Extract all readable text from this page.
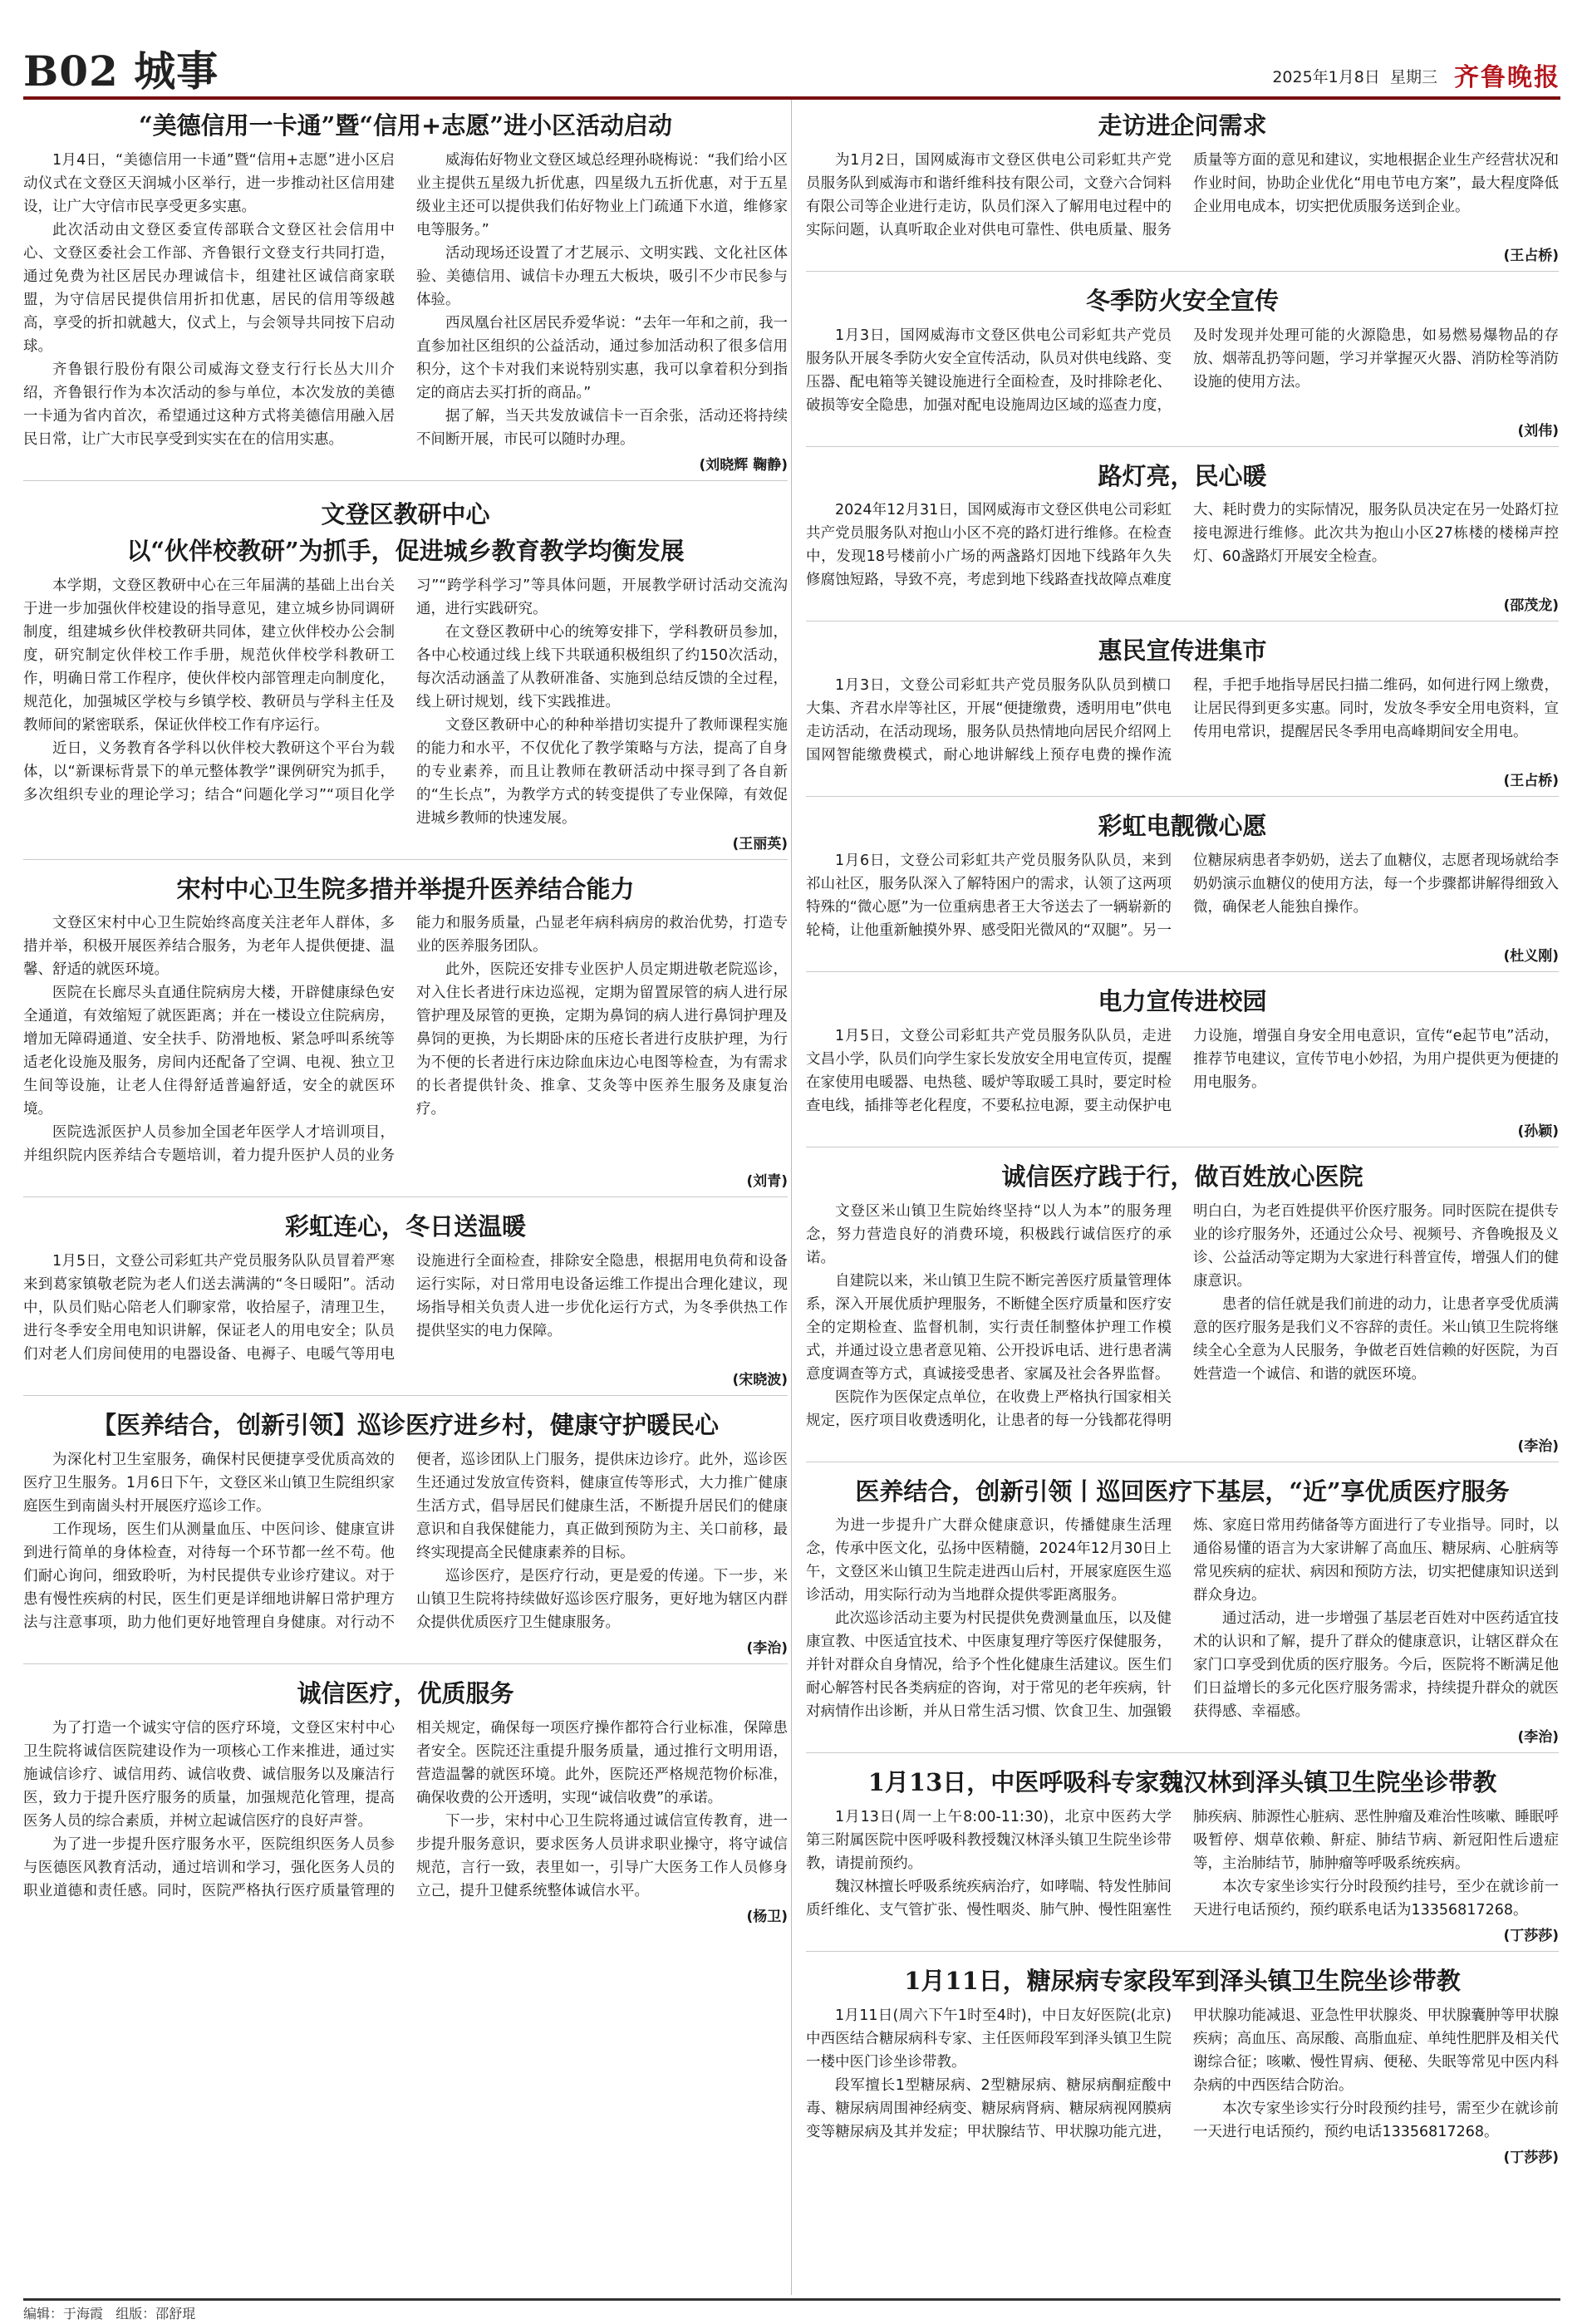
B02 城事	2025年1月8日 星期三 齐鲁晚报
“美德信用一卡通”暨“信用+志愿”进小区活动启动

1月4日，“美德信用一卡通”暨“信用+志愿”进小区启动仪式在文登区天润城小区举行，进一步推动社区信用建设，让广大守信市民享受更多实惠。

此次活动由文登区委宣传部联合文登区社会信用中心、文登区委社会工作部、齐鲁银行文登支行共同打造，通过免费为社区居民办理诚信卡，组建社区诚信商家联盟，为守信居民提供信用折扣优惠，居民的信用等级越高，享受的折扣就越大，仪式上，与会领导共同按下启动球。

齐鲁银行股份有限公司威海文登支行行长丛大川介绍，齐鲁银行作为本次活动的参与单位，本次发放的美德一卡通为省内首次，希望通过这种方式将美德信用融入居民日常，让广大市民享受到实实在在的信用实惠。

威海佑好物业文登区域总经理孙晓梅说：“我们给小区业主提供五星级九折优惠，四星级九五折优惠，对于五星级业主还可以提供我们佑好物业上门疏通下水道，维修家电等服务。”

活动现场还设置了才艺展示、文明实践、文化社区体验、美德信用、诚信卡办理五大板块，吸引不少市民参与体验。

西凤凰台社区居民乔爱华说：“去年一年和之前，我一直参加社区组织的公益活动，通过参加活动积了很多信用积分，这个卡对我们来说特别实惠，我可以拿着积分到指定的商店去买打折的商品。”

据了解，当天共发放诚信卡一百余张，活动还将持续不间断开展，市民可以随时办理。

(刘晓辉 鞠静)
文登区教研中心
以“伙伴校教研”为抓手，促进城乡教育教学均衡发展

本学期，文登区教研中心在三年届满的基础上出台关于进一步加强伙伴校建设的指导意见，建立城乡协同调研制度，组建城乡伙伴校教研共同体，建立伙伴校办公会制度，研究制定伙伴校工作手册，规范伙伴校学科教研工作，明确日常工作程序，使伙伴校内部管理走向制度化，规范化，加强城区学校与乡镇学校、教研员与学科主任及教师间的紧密联系，保证伙伴校工作有序运行。

近日，义务教育各学科以伙伴校大教研这个平台为载体，以“新课标背景下的单元整体教学”课例研究为抓手，多次组织专业的理论学习；结合“问题化学习”“项目化学习”“跨学科学习”等具体问题，开展教学研讨活动交流沟通，进行实践研究。

在文登区教研中心的统筹安排下，学科教研员参加，各中心校通过线上线下共联通积极组织了约150次活动，每次活动涵盖了从教研准备、实施到总结反馈的全过程，线上研讨规划，线下实践推进。

文登区教研中心的种种举措切实提升了教师课程实施的能力和水平，不仅优化了教学策略与方法，提高了自身的专业素养，而且让教师在教研活动中探寻到了各自新的“生长点”，为教学方式的转变提供了专业保障，有效促进城乡教师的快速发展。

(王丽英)
宋村中心卫生院多措并举提升医养结合能力

文登区宋村中心卫生院始终高度关注老年人群体，多措并举，积极开展医养结合服务，为老年人提供便捷、温馨、舒适的就医环境。

医院在长廊尽头直通住院病房大楼，开辟健康绿色安全通道，有效缩短了就医距离；并在一楼设立住院病房，增加无障碍通道、安全扶手、防滑地板、紧急呼叫系统等适老化设施及服务，房间内还配备了空调、电视、独立卫生间等设施，让老人住得舒适普遍舒适，安全的就医环境。

医院选派医护人员参加全国老年医学人才培训项目，并组织院内医养结合专题培训，着力提升医护人员的业务能力和服务质量，凸显老年病科病房的救治优势，打造专业的医养服务团队。

此外，医院还安排专业医护人员定期进敬老院巡诊，对入住长者进行床边巡视，定期为留置尿管的病人进行尿管护理及尿管的更换，定期为鼻饲的病人进行鼻饲护理及鼻饲的更换，为长期卧床的压疮长者进行皮肤护理，为行为不便的长者进行床边除血床边心电图等检查，为有需求的长者提供针灸、推拿、艾灸等中医养生服务及康复治疗。

(刘青)
彩虹连心，冬日送温暖

1月5日，文登公司彩虹共产党员服务队队员冒着严寒来到葛家镇敬老院为老人们送去满满的“冬日暖阳”。活动中，队员们贴心陪老人们聊家常，收拾屋子，清理卫生，进行冬季安全用电知识讲解，保证老人的用电安全；队员们对老人们房间使用的电器设备、电褥子、电暖气等用电设施进行全面检查，排除安全隐患，根据用电负荷和设备运行实际，对日常用电设备运维工作提出合理化建议，现场指导相关负责人进一步优化运行方式，为冬季供热工作提供坚实的电力保障。

(宋晓波)
【医养结合，创新引领】巡诊医疗进乡村，健康守护暖民心

为深化村卫生室服务，确保村民便捷享受优质高效的医疗卫生服务。1月6日下午，文登区米山镇卫生院组织家庭医生到南崮头村开展医疗巡诊工作。

工作现场，医生们从测量血压、中医问诊、健康宣讲到进行简单的身体检查，对待每一个环节都一丝不苟。他们耐心询问，细致聆听，为村民提供专业诊疗建议。对于患有慢性疾病的村民，医生们更是详细地讲解日常护理方法与注意事项，助力他们更好地管理自身健康。对行动不便者，巡诊团队上门服务，提供床边诊疗。此外，巡诊医生还通过发放宣传资料，健康宣传等形式，大力推广健康生活方式，倡导居民们健康生活，不断提升居民们的健康意识和自我保健能力，真正做到预防为主、关口前移，最终实现提高全民健康素养的目标。

巡诊医疗，是医疗行动，更是爱的传递。下一步，米山镇卫生院将持续做好巡诊医疗服务，更好地为辖区内群众提供优质医疗卫生健康服务。

(李治)
诚信医疗，优质服务

为了打造一个诚实守信的医疗环境，文登区宋村中心卫生院将诚信医院建设作为一项核心工作来推进，通过实施诚信诊疗、诚信用药、诚信收费、诚信服务以及廉洁行医，致力于提升医疗服务的质量，加强规范化管理，提高医务人员的综合素质，并树立起诚信医疗的良好声誉。

为了进一步提升医疗服务水平，医院组织医务人员参与医德医风教育活动，通过培训和学习，强化医务人员的职业道德和责任感。同时，医院严格执行医疗质量管理的相关规定，确保每一项医疗操作都符合行业标准，保障患者安全。医院还注重提升服务质量，通过推行文明用语，营造温馨的就医环境。此外，医院还严格规范物价标准，确保收费的公开透明，实现“诚信收费”的承诺。

下一步，宋村中心卫生院将通过诚信宣传教育，进一步提升服务意识，要求医务人员讲求职业操守，将守诚信规范，言行一致，表里如一，引导广大医务工作人员修身立己，提升卫健系统整体诚信水平。

(杨卫)
走访进企问需求

为1月2日，国网威海市文登区供电公司彩虹共产党员服务队到威海市和谐纤维科技有限公司，文登六合饲料有限公司等企业进行走访，队员们深入了解用电过程中的实际问题，认真听取企业对供电可靠性、供电质量、服务质量等方面的意见和建议，实地根据企业生产经营状况和作业时间，协助企业优化“用电节电方案”，最大程度降低企业用电成本，切实把优质服务送到企业。

(王占桥)
冬季防火安全宣传

1月3日，国网威海市文登区供电公司彩虹共产党员服务队开展冬季防火安全宣传活动，队员对供电线路、变压器、配电箱等关键设施进行全面检查，及时排除老化、破损等安全隐患，加强对配电设施周边区域的巡查力度，及时发现并处理可能的火源隐患，如易燃易爆物品的存放、烟蒂乱扔等问题，学习并掌握灭火器、消防栓等消防设施的使用方法。

(刘伟)
路灯亮，民心暖

2024年12月31日，国网威海市文登区供电公司彩虹共产党员服务队对抱山小区不亮的路灯进行维修。在检查中，发现18号楼前小广场的两盏路灯因地下线路年久失修腐蚀短路，导致不亮，考虑到地下线路查找故障点难度大、耗时费力的实际情况，服务队员决定在另一处路灯拉接电源进行维修。此次共为抱山小区27栋楼的楼梯声控灯、60盏路灯开展安全检查。

(邵茂龙)
惠民宣传进集市

1月3日，文登公司彩虹共产党员服务队队员到横口大集、齐君水岸等社区，开展“便捷缴费，透明用电”供电走访活动，在活动现场，服务队员热情地向居民介绍网上国网智能缴费模式，耐心地讲解线上预存电费的操作流程，手把手地指导居民扫描二维码，如何进行网上缴费，让居民得到更多实惠。同时，发放冬季安全用电资料，宣传用电常识，提醒居民冬季用电高峰期间安全用电。

(王占桥)
彩虹电靓微心愿

1月6日，文登公司彩虹共产党员服务队队员，来到祁山社区，服务队深入了解特困户的需求，认领了这两项特殊的“微心愿”为一位重病患者王大爷送去了一辆崭新的轮椅，让他重新触摸外界、感受阳光微风的“双腿”。另一位糖尿病患者李奶奶，送去了血糖仪，志愿者现场就给李奶奶演示血糖仪的使用方法，每一个步骤都讲解得细致入微，确保老人能独自操作。

(杜义刚)
电力宣传进校园

1月5日，文登公司彩虹共产党员服务队队员，走进文昌小学，队员们向学生家长发放安全用电宣传页，提醒在家使用电暖器、电热毯、暖炉等取暖工具时，要定时检查电线，插排等老化程度，不要私拉电源，要主动保护电力设施，增强自身安全用电意识，宣传“e起节电”活动，推荐节电建议，宣传节电小妙招，为用户提供更为便捷的用电服务。

(孙颖)
诚信医疗践于行，做百姓放心医院

文登区米山镇卫生院始终坚持“以人为本”的服务理念，努力营造良好的消费环境，积极践行诚信医疗的承诺。

自建院以来，米山镇卫生院不断完善医疗质量管理体系，深入开展优质护理服务，不断健全医疗质量和医疗安全的定期检查、监督机制，实行责任制整体护理工作模式，并通过设立患者意见箱、公开投诉电话、进行患者满意度调查等方式，真诚接受患者、家属及社会各界监督。

医院作为医保定点单位，在收费上严格执行国家相关规定，医疗项目收费透明化，让患者的每一分钱都花得明明白白，为老百姓提供平价医疗服务。同时医院在提供专业的诊疗服务外，还通过公众号、视频号、齐鲁晚报及义诊、公益活动等定期为大家进行科普宣传，增强人们的健康意识。

患者的信任就是我们前进的动力，让患者享受优质满意的医疗服务是我们义不容辞的责任。米山镇卫生院将继续全心全意为人民服务，争做老百姓信赖的好医院，为百姓营造一个诚信、和谐的就医环境。

(李治)
医养结合，创新引领丨巡回医疗下基层，“近”享优质医疗服务

为进一步提升广大群众健康意识，传播健康生活理念，传承中医文化，弘扬中医精髓，2024年12月30日上午，文登区米山镇卫生院走进西山后村，开展家庭医生巡诊活动，用实际行动为当地群众提供零距离服务。

此次巡诊活动主要为村民提供免费测量血压，以及健康宣教、中医适宜技术、中医康复理疗等医疗保健服务，并针对群众自身情况，给予个性化健康生活建议。医生们耐心解答村民各类病症的咨询，对于常见的老年疾病，针对病情作出诊断，并从日常生活习惯、饮食卫生、加强锻炼、家庭日常用药储备等方面进行了专业指导。同时，以通俗易懂的语言为大家讲解了高血压、糖尿病、心脏病等常见疾病的症状、病因和预防方法，切实把健康知识送到群众身边。

通过活动，进一步增强了基层老百姓对中医药适宜技术的认识和了解，提升了群众的健康意识，让辖区群众在家门口享受到优质的医疗服务。今后，医院将不断满足他们日益增长的多元化医疗服务需求，持续提升群众的就医获得感、幸福感。

(李治)
1月13日，中医呼吸科专家魏汉林到泽头镇卫生院坐诊带教

1月13日(周一上午8:00-11:30)，北京中医药大学第三附属医院中医呼吸科教授魏汉林泽头镇卫生院坐诊带教，请提前预约。

魏汉林擅长呼吸系统疾病治疗，如哮喘、特发性肺间质纤维化、支气管扩张、慢性咽炎、肺气肿、慢性阻塞性肺疾病、肺源性心脏病、恶性肿瘤及难治性咳嗽、睡眠呼吸暂停、烟草依赖、鼾症、肺结节病、新冠阳性后遗症等，主治肺结节，肺肿瘤等呼吸系统疾病。

本次专家坐诊实行分时段预约挂号，至少在就诊前一天进行电话预约，预约联系电话为13356817268。

(丁莎莎)
1月11日，糖尿病专家段军到泽头镇卫生院坐诊带教

1月11日(周六下午1时至4时)，中日友好医院(北京)中西医结合糖尿病科专家、主任医师段军到泽头镇卫生院一楼中医门诊坐诊带教。

段军擅长1型糖尿病、2型糖尿病、糖尿病酮症酸中毒、糖尿病周围神经病变、糖尿病肾病、糖尿病视网膜病变等糖尿病及其并发症；甲状腺结节、甲状腺功能亢进，甲状腺功能减退、亚急性甲状腺炎、甲状腺囊肿等甲状腺疾病；高血压、高尿酸、高脂血症、单纯性肥胖及相关代谢综合征；咳嗽、慢性胃病、便秘、失眠等常见中医内科杂病的中西医结合防治。

本次专家坐诊实行分时段预约挂号，需至少在就诊前一天进行电话预约，预约电话13356817268。

(丁莎莎)
编辑：于海霞 组版：邵舒琨
